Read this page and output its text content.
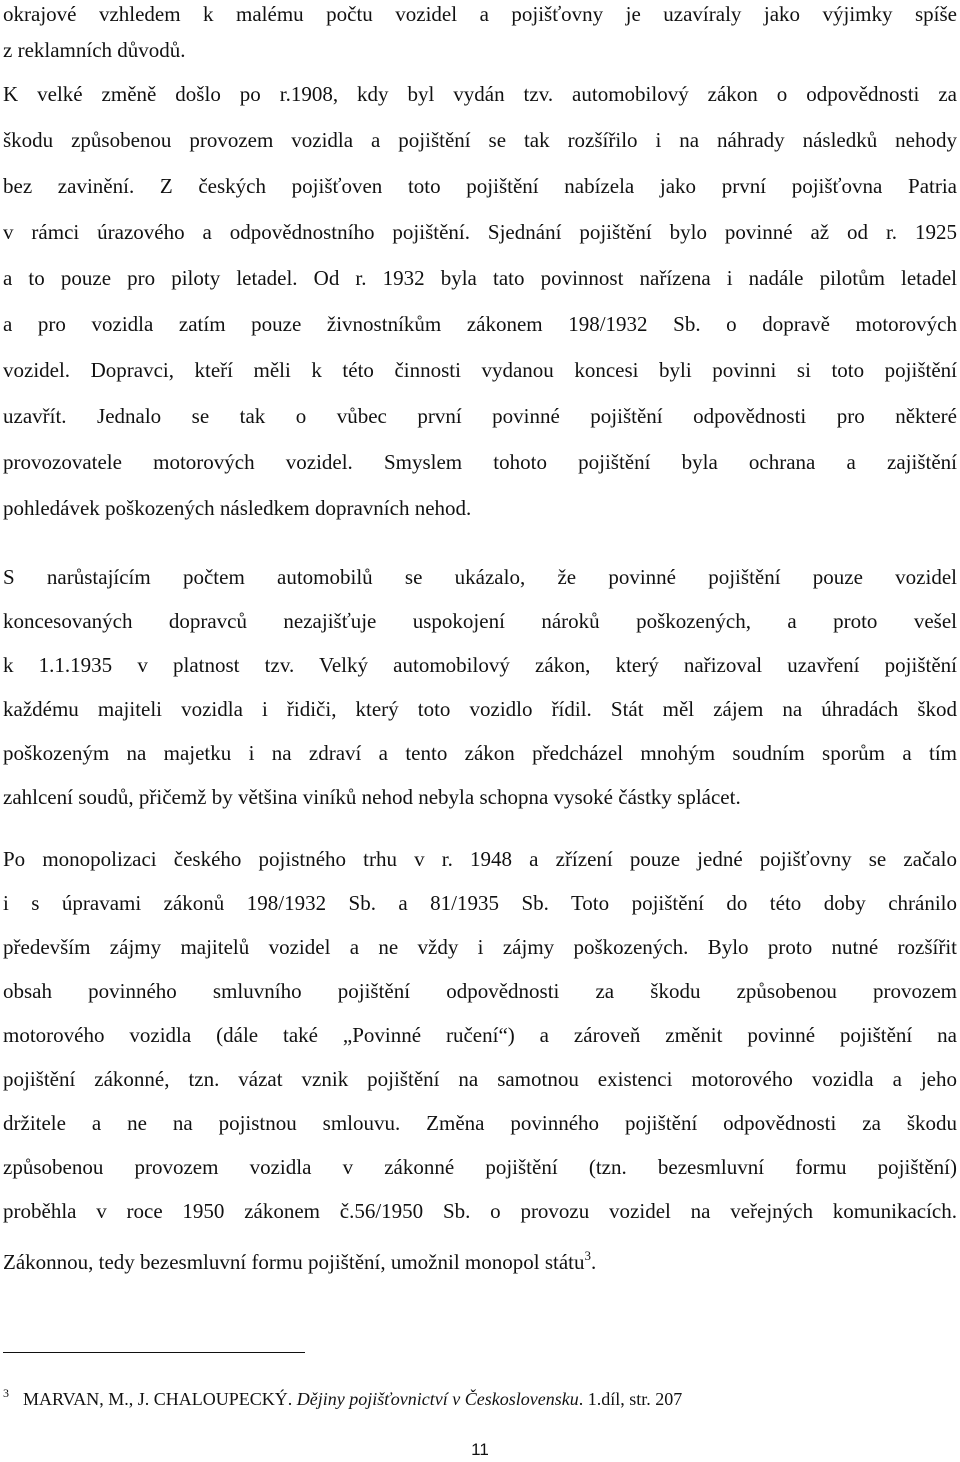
okrajové vzhledem k malému počtu vozidel a pojišťovny je uzavíraly jako výjimky spíše
z reklamních důvodů.
K velké změně došlo po r.1908, kdy byl vydán tzv. automobilový zákon o odpovědnosti za
škodu způsobenou provozem vozidla a pojištění se tak rozšířilo i na náhrady následků nehody
bez zavinění. Z českých pojišťoven toto pojištění nabízela jako první pojišťovna Patria
v rámci úrazového a odpovědnostního pojištění. Sjednání pojištění bylo povinné až od r. 1925
a to pouze pro piloty letadel. Od r. 1932 byla tato povinnost nařízena i nadále pilotům letadel
a pro vozidla zatím pouze živnostníkům zákonem 198/1932 Sb. o dopravě motorových
vozidel. Dopravci, kteří měli k této činnosti vydanou koncesi byli povinni si toto pojištění
uzavřít. Jednalo se tak o vůbec první povinné pojištění odpovědnosti pro některé
provozovatele motorových vozidel. Smyslem tohoto pojištění byla ochrana a zajištění
pohledávek poškozených následkem dopravních nehod.
S narůstajícím počtem automobilů se ukázalo, že povinné pojištění pouze vozidel
koncesovaných dopravců nezajišťuje uspokojení nároků poškozených, a proto vešel
k 1.1.1935 v platnost tzv. Velký automobilový zákon, který nařizoval uzavření pojištění
každému majiteli vozidla i řidiči, který toto vozidlo řídil. Stát měl zájem na úhradách škod
poškozeným na majetku i na zdraví a tento zákon předcházel mnohým soudním sporům a tím
zahlcení soudů, přičemž by většina viníků nehod nebyla schopna vysoké částky splácet.
Po monopolizaci českého pojistného trhu v r. 1948 a zřízení pouze jedné pojišťovny se začalo
i s úpravami zákonů 198/1932 Sb. a 81/1935 Sb. Toto pojištění do této doby chránilo
především zájmy majitelů vozidel a ne vždy i zájmy poškozených. Bylo proto nutné rozšířit
obsah povinného smluvního pojištění odpovědnosti za škodu způsobenou provozem
motorového vozidla (dále také „Povinné ručení“) a zároveň změnit povinné pojištění na
pojištění zákonné, tzn. vázat vznik pojištění na samotnou existenci motorového vozidla a jeho
držitele a ne na pojistnou smlouvu. Změna povinného pojištění odpovědnosti za škodu
způsobenou provozem vozidla v zákonné pojištění (tzn. bezesmluvní formu pojištění)
proběhla v roce 1950 zákonem č.56/1950 Sb. o provozu vozidel na veřejných komunikacích.
Zákonnou, tedy bezesmluvní formu pojištění, umožnil monopol státu$^3$.
$^3$ MARVAN, M., J. CHALOUPECKÝ. Dějiny pojišťovnictví v Československu. 1.díl, str. 207
11
